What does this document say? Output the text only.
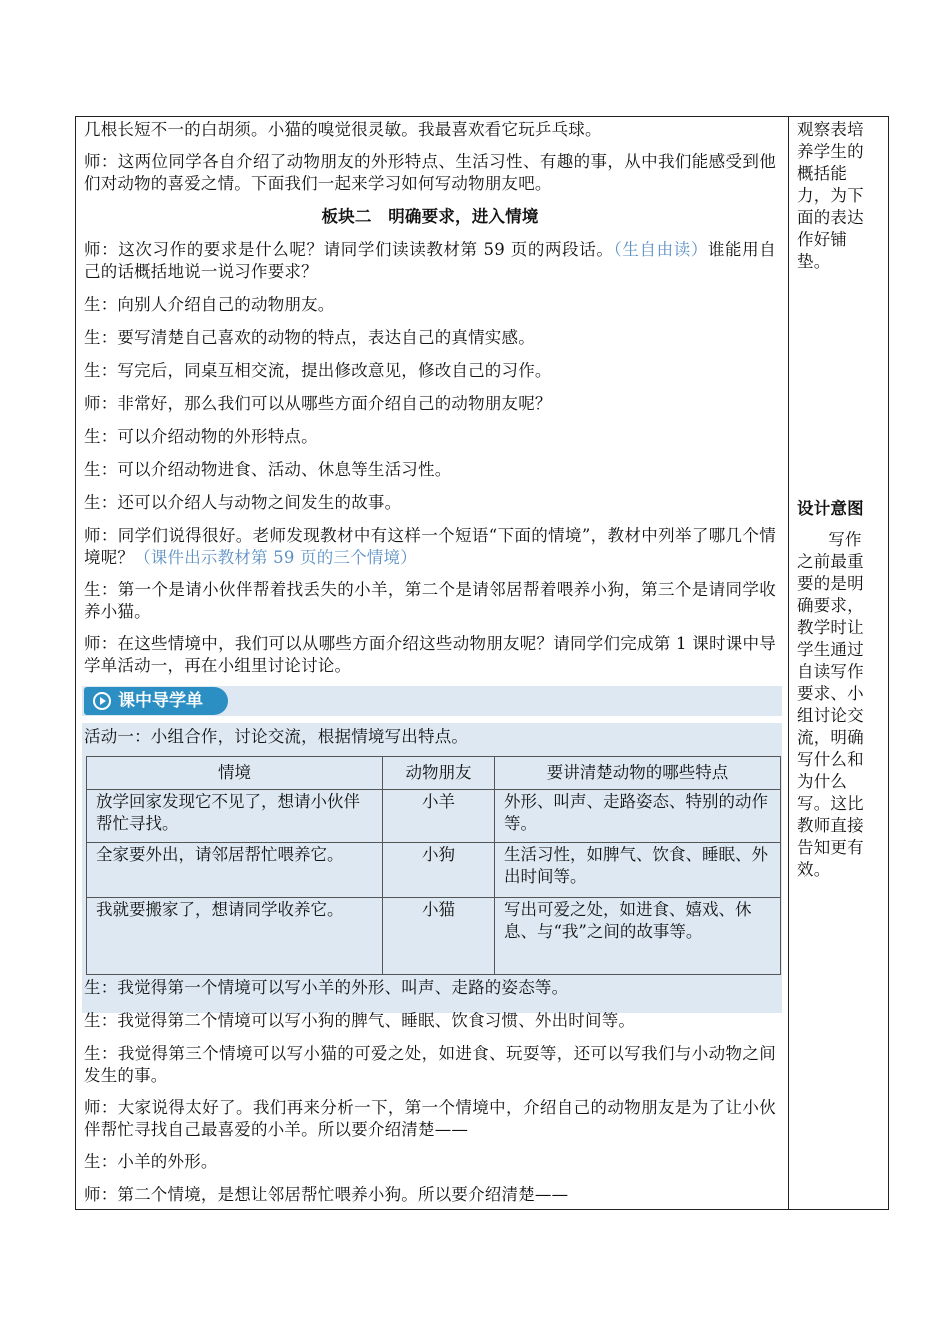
几根长短不一的白胡须。小猫的嗅觉很灵敏。我最喜欢看它玩乒乓球。

师：这两位同学各自介绍了动物朋友的外形特点、生活习性、有趣的事，从中我们能感受到他们对动物的喜爱之情。下面我们一起来学习如何写动物朋友吧。

板块二　明确要求，进入情境

师：这次习作的要求是什么呢？请同学们读读教材第 59 页的两段话。（生自由读）谁能用自己的话概括地说一说习作要求？

生：向别人介绍自己的动物朋友。

生：要写清楚自己喜欢的动物的特点，表达自己的真情实感。

生：写完后，同桌互相交流，提出修改意见，修改自己的习作。

师：非常好，那么我们可以从哪些方面介绍自己的动物朋友呢？

生：可以介绍动物的外形特点。

生：可以介绍动物进食、活动、休息等生活习性。

生：还可以介绍人与动物之间发生的故事。

师：同学们说得很好。老师发现教材中有这样一个短语“下面的情境”，教材中列举了哪几个情境呢？（课件出示教材第 59 页的三个情境）

生：第一个是请小伙伴帮着找丢失的小羊，第二个是请邻居帮着喂养小狗，第三个是请同学收养小猫。

师：在这些情境中，我们可以从哪些方面介绍这些动物朋友呢？请同学们完成第 1 课时课中导学单活动一，再在小组里讨论讨论。

课中导学单

活动一：小组合作，讨论交流，根据情境写出特点。

情境	动物朋友	要讲清楚动物的哪些特点
放学回家发现它不见了，想请小伙伴帮忙寻找。	小羊	外形、叫声、走路姿态、特别的动作等。
全家要外出，请邻居帮忙喂养它。	小狗	生活习性，如脾气、饮食、睡眠、外出时间等。
我就要搬家了，想请同学收养它。	小猫	写出可爱之处，如进食、嬉戏、休息、与“我”之间的故事等。

生：我觉得第一个情境可以写小羊的外形、叫声、走路的姿态等。

生：我觉得第二个情境可以写小狗的脾气、睡眠、饮食习惯、外出时间等。

生：我觉得第三个情境可以写小猫的可爱之处，如进食、玩耍等，还可以写我们与小动物之间发生的事。

师：大家说得太好了。我们再来分析一下，第一个情境中，介绍自己的动物朋友是为了让小伙伴帮忙寻找自己最喜爱的小羊。所以要介绍清楚——

生：小羊的外形。

师：第二个情境，是想让邻居帮忙喂养小狗。所以要介绍清楚——

观察表培养学生的概括能力，为下面的表达作好铺垫。

设计意图

写作之前最重要的是明确要求，教学时让学生通过自读写作要求、小组讨论交流，明确写什么和为什么写。这比教师直接告知更有效。
